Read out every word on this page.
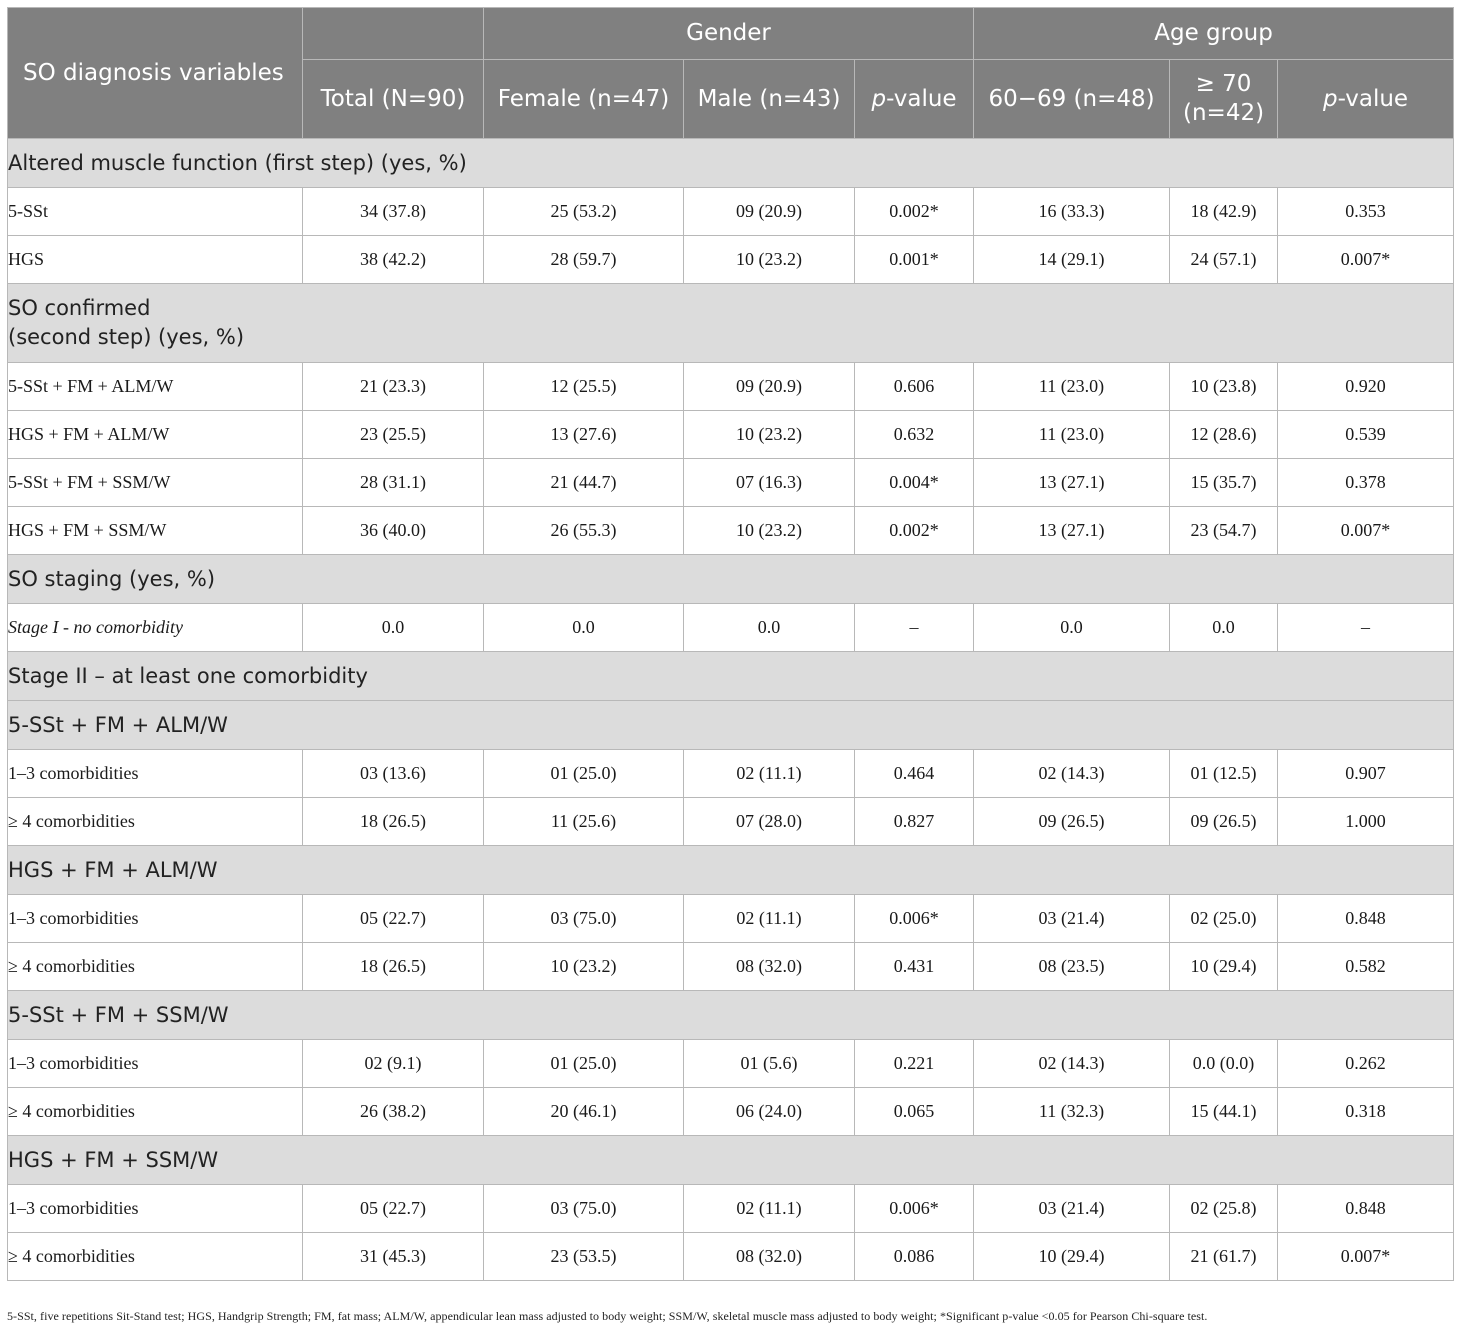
SO diagnosis variables		Gender			Age group		
	Total (N=90)	Female (n=47)	Male (n=43)	p-value	60−69 (n=48)	≥ 70 (n=42)	p-value
Altered muscle function (first step) (yes, %)							
5-SSt	34 (37.8)	25 (53.2)	09 (20.9)	0.002*	16 (33.3)	18 (42.9)	0.353
HGS	38 (42.2)	28 (59.7)	10 (23.2)	0.001*	14 (29.1)	24 (57.1)	0.007*
SO confirmed
(second step) (yes, %)							
5-SSt + FM + ALM/W	21 (23.3)	12 (25.5)	09 (20.9)	0.606	11 (23.0)	10 (23.8)	0.920
HGS + FM + ALM/W	23 (25.5)	13 (27.6)	10 (23.2)	0.632	11 (23.0)	12 (28.6)	0.539
5-SSt + FM + SSM/W	28 (31.1)	21 (44.7)	07 (16.3)	0.004*	13 (27.1)	15 (35.7)	0.378
HGS + FM + SSM/W	36 (40.0)	26 (55.3)	10 (23.2)	0.002*	13 (27.1)	23 (54.7)	0.007*
SO staging (yes, %)							
Stage I - no comorbidity	0.0	0.0	0.0	–	0.0	0.0	–
Stage II – at least one comorbidity							
5-SSt + FM + ALM/W							
1–3 comorbidities	03 (13.6)	01 (25.0)	02 (11.1)	0.464	02 (14.3)	01 (12.5)	0.907
≥ 4 comorbidities	18 (26.5)	11 (25.6)	07 (28.0)	0.827	09 (26.5)	09 (26.5)	1.000
HGS + FM + ALM/W							
1–3 comorbidities	05 (22.7)	03 (75.0)	02 (11.1)	0.006*	03 (21.4)	02 (25.0)	0.848
≥ 4 comorbidities	18 (26.5)	10 (23.2)	08 (32.0)	0.431	08 (23.5)	10 (29.4)	0.582
5-SSt + FM + SSM/W							
1–3 comorbidities	02 (9.1)	01 (25.0)	01 (5.6)	0.221	02 (14.3)	0.0 (0.0)	0.262
≥ 4 comorbidities	26 (38.2)	20 (46.1)	06 (24.0)	0.065	11 (32.3)	15 (44.1)	0.318
HGS + FM + SSM/W							
1–3 comorbidities	05 (22.7)	03 (75.0)	02 (11.1)	0.006*	03 (21.4)	02 (25.8)	0.848
≥ 4 comorbidities	31 (45.3)	23 (53.5)	08 (32.0)	0.086	10 (29.4)	21 (61.7)	0.007*
5-SSt, five repetitions Sit-Stand test; HGS, Handgrip Strength; FM, fat mass; ALM/W, appendicular lean mass adjusted to body weight; SSM/W, skeletal muscle mass adjusted to body weight; *Significant p-value <0.05 for Pearson Chi-square test.
